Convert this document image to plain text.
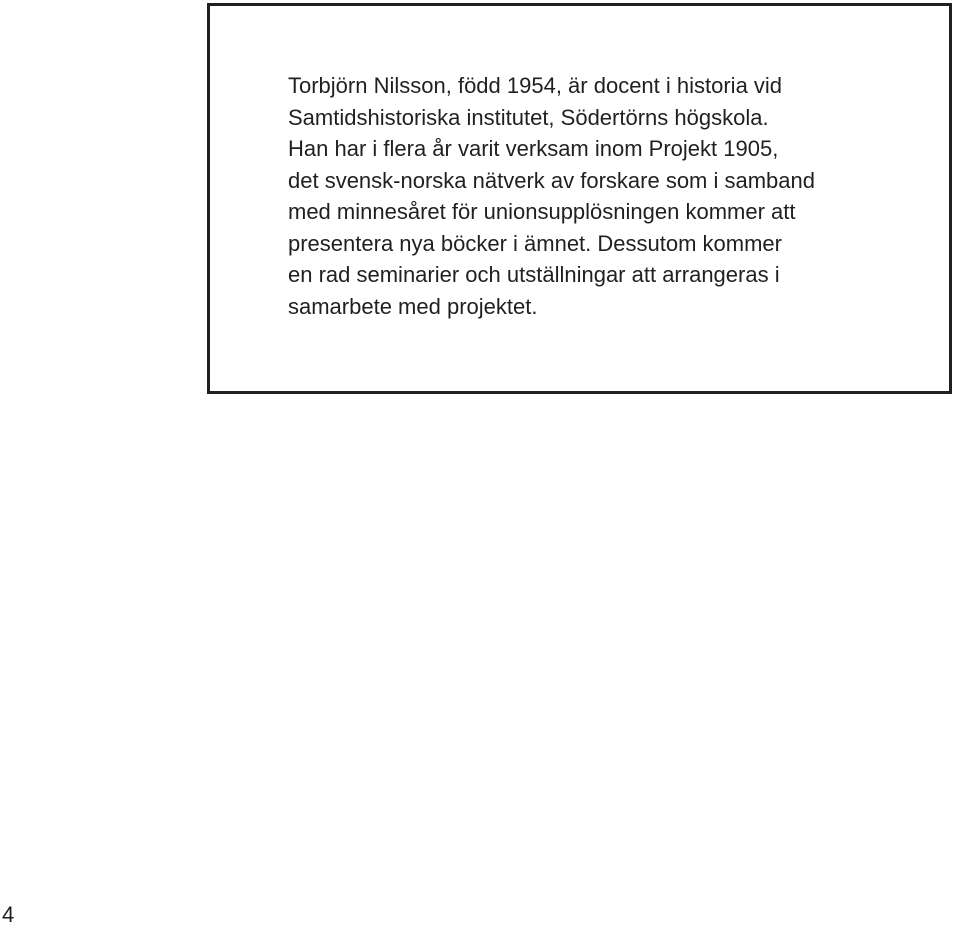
Torbjörn Nilsson, född 1954, är docent i historia vid
Samtidshistoriska institutet, Södertörns högskola.
Han har i flera år varit verksam inom Projekt 1905,
det svensk-norska nätverk av forskare som i samband
med minnesåret för unionsupplösningen kommer att
presentera nya böcker i ämnet. Dessutom kommer
en rad seminarier och utställningar att arrangeras i
samarbete med projektet.

4
